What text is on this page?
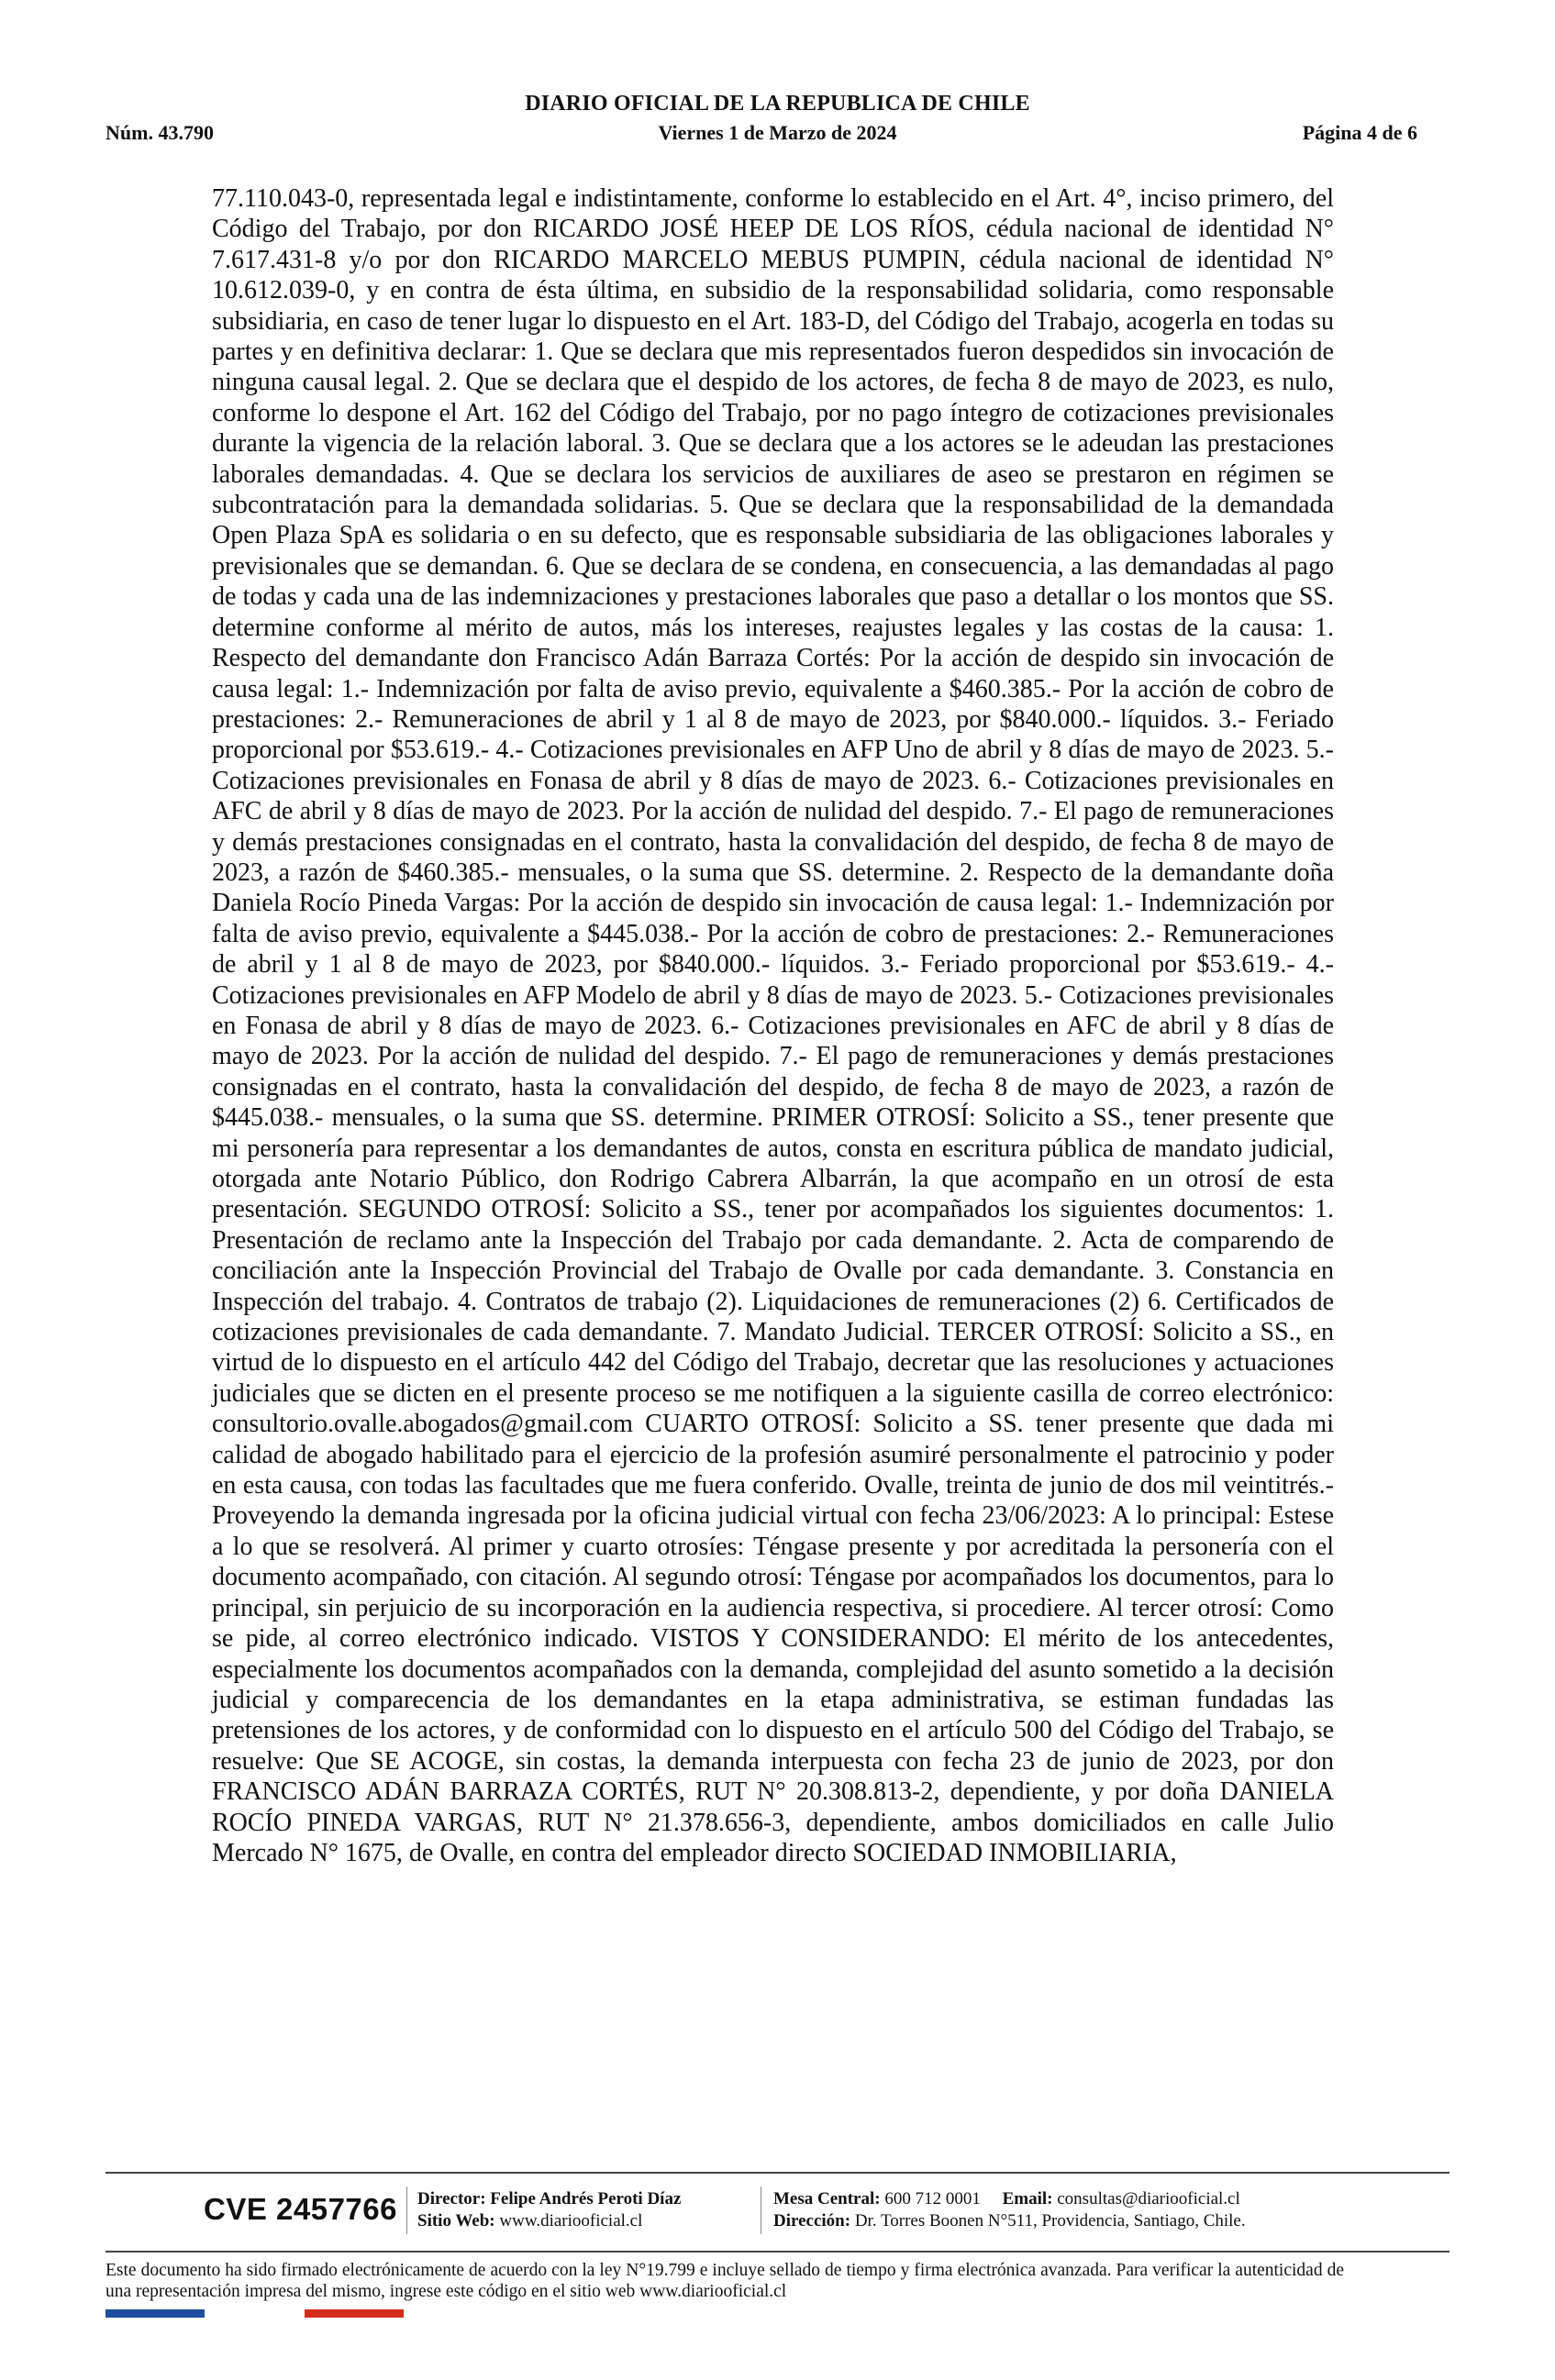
DIARIO OFICIAL DE LA REPUBLICA DE CHILE
Núm. 43.790	Viernes 1 de Marzo de 2024	Página 4 de 6

77.110.043-0, representada legal e indistintamente, conforme lo establecido en el Art. 4°, inciso primero, del Código del Trabajo, por don RICARDO JOSÉ HEEP DE LOS RÍOS, cédula nacional de identidad N° 7.617.431-8 y/o por don RICARDO MARCELO MEBUS PUMPIN, cédula nacional de identidad N° 10.612.039-0, y en contra de ésta última, en subsidio de la responsabilidad solidaria, como responsable subsidiaria, en caso de tener lugar lo dispuesto en el Art. 183-D, del Código del Trabajo, acogerla en todas su partes y en definitiva declarar: 1. Que se declara que mis representados fueron despedidos sin invocación de ninguna causal legal. 2. Que se declara que el despido de los actores, de fecha 8 de mayo de 2023, es nulo, conforme lo despone el Art. 162 del Código del Trabajo, por no pago íntegro de cotizaciones previsionales durante la vigencia de la relación laboral. 3. Que se declara que a los actores se le adeudan las prestaciones laborales demandadas. 4. Que se declara los servicios de auxiliares de aseo se prestaron en régimen se subcontratación para la demandada solidarias. 5. Que se declara que la responsabilidad de la demandada Open Plaza SpA es solidaria o en su defecto, que es responsable subsidiaria de las obligaciones laborales y previsionales que se demandan. 6. Que se declara de se condena, en consecuencia, a las demandadas al pago de todas y cada una de las indemnizaciones y prestaciones laborales que paso a detallar o los montos que SS. determine conforme al mérito de autos, más los intereses, reajustes legales y las costas de la causa: 1. Respecto del demandante don Francisco Adán Barraza Cortés: Por la acción de despido sin invocación de causa legal: 1.- Indemnización por falta de aviso previo, equivalente a $460.385.- Por la acción de cobro de prestaciones: 2.- Remuneraciones de abril y 1 al 8 de mayo de 2023, por $840.000.- líquidos. 3.- Feriado proporcional por $53.619.- 4.- Cotizaciones previsionales en AFP Uno de abril y 8 días de mayo de 2023. 5.- Cotizaciones previsionales en Fonasa de abril y 8 días de mayo de 2023. 6.- Cotizaciones previsionales en AFC de abril y 8 días de mayo de 2023. Por la acción de nulidad del despido. 7.- El pago de remuneraciones y demás prestaciones consignadas en el contrato, hasta la convalidación del despido, de fecha 8 de mayo de 2023, a razón de $460.385.- mensuales, o la suma que SS. determine. 2. Respecto de la demandante doña Daniela Rocío Pineda Vargas: Por la acción de despido sin invocación de causa legal: 1.- Indemnización por falta de aviso previo, equivalente a $445.038.- Por la acción de cobro de prestaciones: 2.- Remuneraciones de abril y 1 al 8 de mayo de 2023, por $840.000.- líquidos. 3.- Feriado proporcional por $53.619.- 4.- Cotizaciones previsionales en AFP Modelo de abril y 8 días de mayo de 2023. 5.- Cotizaciones previsionales en Fonasa de abril y 8 días de mayo de 2023. 6.- Cotizaciones previsionales en AFC de abril y 8 días de mayo de 2023. Por la acción de nulidad del despido. 7.- El pago de remuneraciones y demás prestaciones consignadas en el contrato, hasta la convalidación del despido, de fecha 8 de mayo de 2023, a razón de $445.038.- mensuales, o la suma que SS. determine. PRIMER OTROSÍ: Solicito a SS., tener presente que mi personería para representar a los demandantes de autos, consta en escritura pública de mandato judicial, otorgada ante Notario Público, don Rodrigo Cabrera Albarrán, la que acompaño en un otrosí de esta presentación. SEGUNDO OTROSÍ: Solicito a SS., tener por acompañados los siguientes documentos: 1. Presentación de reclamo ante la Inspección del Trabajo por cada demandante. 2. Acta de comparendo de conciliación ante la Inspección Provincial del Trabajo de Ovalle por cada demandante. 3. Constancia en Inspección del trabajo. 4. Contratos de trabajo (2). Liquidaciones de remuneraciones (2) 6. Certificados de cotizaciones previsionales de cada demandante. 7. Mandato Judicial. TERCER OTROSÍ: Solicito a SS., en virtud de lo dispuesto en el artículo 442 del Código del Trabajo, decretar que las resoluciones y actuaciones judiciales que se dicten en el presente proceso se me notifiquen a la siguiente casilla de correo electrónico: consultorio.ovalle.abogados@gmail.com CUARTO OTROSÍ: Solicito a SS. tener presente que dada mi calidad de abogado habilitado para el ejercicio de la profesión asumiré personalmente el patrocinio y poder en esta causa, con todas las facultades que me fuera conferido. Ovalle, treinta de junio de dos mil veintitrés.- Proveyendo la demanda ingresada por la oficina judicial virtual con fecha 23/06/2023: A lo principal: Estese a lo que se resolverá. Al primer y cuarto otrosíes: Téngase presente y por acreditada la personería con el documento acompañado, con citación. Al segundo otrosí: Téngase por acompañados los documentos, para lo principal, sin perjuicio de su incorporación en la audiencia respectiva, si procediere. Al tercer otrosí: Como se pide, al correo electrónico indicado. VISTOS Y CONSIDERANDO: El mérito de los antecedentes, especialmente los documentos acompañados con la demanda, complejidad del asunto sometido a la decisión judicial y comparecencia de los demandantes en la etapa administrativa, se estiman fundadas las pretensiones de los actores, y de conformidad con lo dispuesto en el artículo 500 del Código del Trabajo, se resuelve: Que SE ACOGE, sin costas, la demanda interpuesta con fecha 23 de junio de 2023, por don FRANCISCO ADÁN BARRAZA CORTÉS, RUT N° 20.308.813-2, dependiente, y por doña DANIELA ROCÍO PINEDA VARGAS, RUT N° 21.378.656-3, dependiente, ambos domiciliados en calle Julio Mercado N° 1675, de Ovalle, en contra del empleador directo SOCIEDAD INMOBILIARIA,

CVE 2457766 Director: Felipe Andrés Peroti Díaz
Sitio Web: www.diariooficial.cl
Mesa Central: 600 712 0001 Email: consultas@diariooficial.cl
Dirección: Dr. Torres Boonen N°511, Providencia, Santiago, Chile.

Este documento ha sido firmado electrónicamente de acuerdo con la ley N°19.799 e incluye sellado de tiempo y firma electrónica avanzada. Para verificar la autenticidad de una representación impresa del mismo, ingrese este código en el sitio web www.diariooficial.cl
